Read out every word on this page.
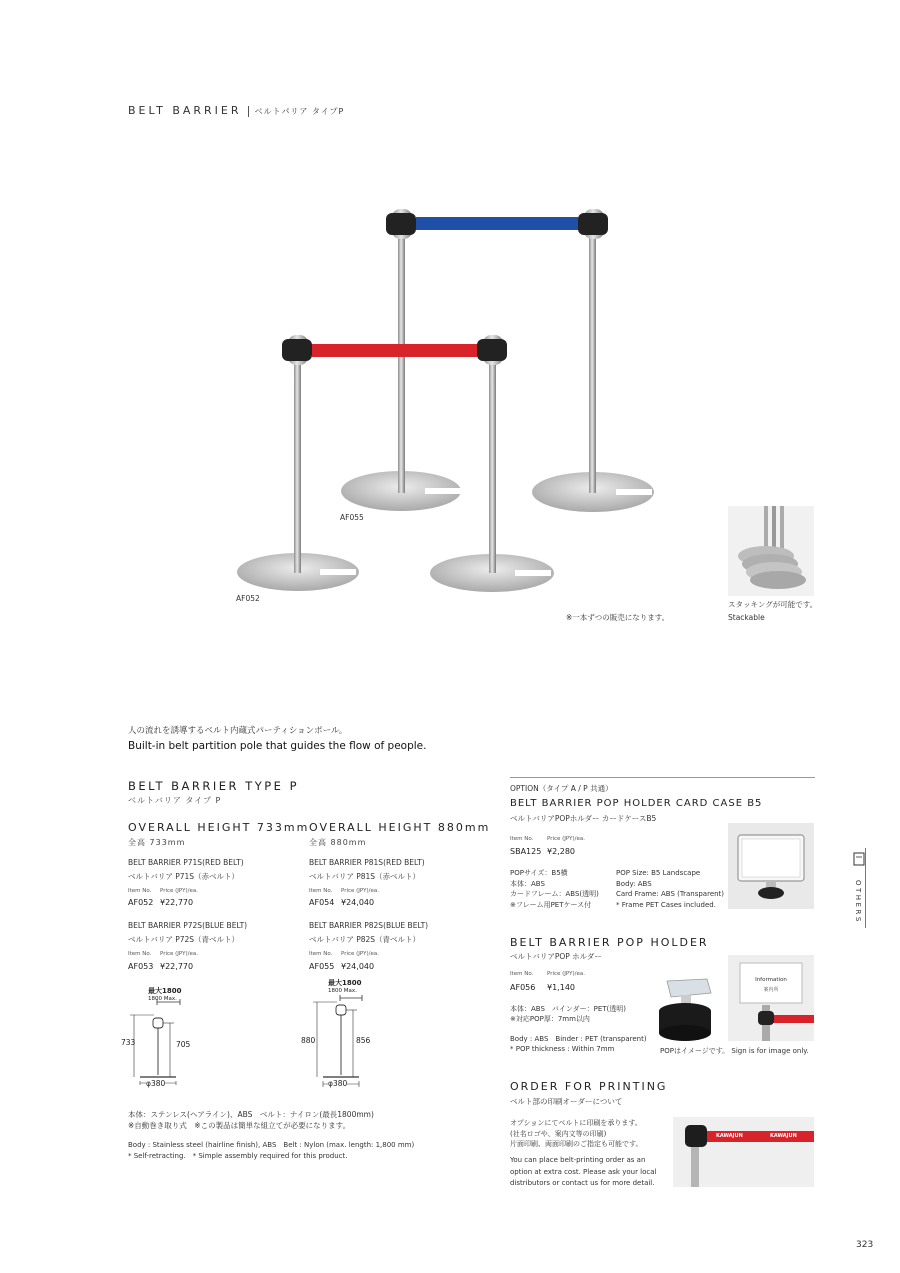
BELT BARRIER ベルトパリア タイプP
AF055
AF052
※一本ずつの販売になります。
スタッキングが可能です。
Stackable
人の流れを誘導するベルト内蔵式パーティションポール。
Built-in belt partition pole that guides the flow of people.
BELT BARRIER TYPE P
ベルトバリア タイプ P
OVERALL HEIGHT 733mm
全高 733mm
BELT BARRIER P71S(RED BELT)
ベルトバリア P71S（赤ベルト）
Item No. Price (JPY)/ea.
AF052 ¥22,770
BELT BARRIER P72S(BLUE BELT)
ベルトバリア P72S（青ベルト）
Item No. Price (JPY)/ea.
AF053 ¥22,770
OVERALL HEIGHT 880mm
全高 880mm
BELT BARRIER P81S(RED BELT)
ベルトバリア P81S（赤ベルト）
Item No. Price (JPY)/ea.
AF054 ¥24,040
BELT BARRIER P82S(BLUE BELT)
ベルトバリア P82S（青ベルト）
Item No. Price (JPY)/ea.
AF055 ¥24,040
最大1800
1800 Max.
733	705
φ380
最大1800
1800 Max.
880	856
φ380
本体：ステンレス(ヘアライン)、ABS　ベルト：ナイロン(最長1800mm)
※自動巻き取り式　※この製品は簡単な組立てが必要になります。
Body : Stainless steel (hairline finish), ABS　Belt : Nylon (max. length: 1,800 mm)
* Self-retracting.　* Simple assembly required for this product.
OPTION（タイプ A / P 共通）
BELT BARRIER POP HOLDER CARD CASE B5
ベルトバリアPOPホルダー カードケースB5
Item No. Price (JPY)/ea.
SBA125 ¥2,280
POPサイズ：B5横
本体：ABS
カードフレーム：ABS(透明)
※フレーム用PETケース付
POP Size: B5 Landscape
Body: ABS
Card Frame: ABS (Transparent)
* Frame PET Cases included.
BELT BARRIER POP HOLDER
ベルトバリアPOP ホルダー
Item No. Price (JPY)/ea.
AF056 ¥1,140
本体：ABS　バインダー：PET(透明)
※対応POP厚：7mm以内
Body : ABS　Binder : PET (transparent)
* POP thickness : Within 7mm
Information
案内所
POPはイメージです。 Sign is for image only.
ORDER FOR PRINTING
ベルト部の印刷オーダーについて
オプションにてベルトに印刷を承ります。
(社名ロゴや、案内文等の印刷)
片面印刷、両面印刷のご指定も可能です。
You can place belt-printing order as an
option at extra cost. Please ask your local
distributors or contact us for more detail.
KAWAJUN	KAWAJUN
OTHERS
323
